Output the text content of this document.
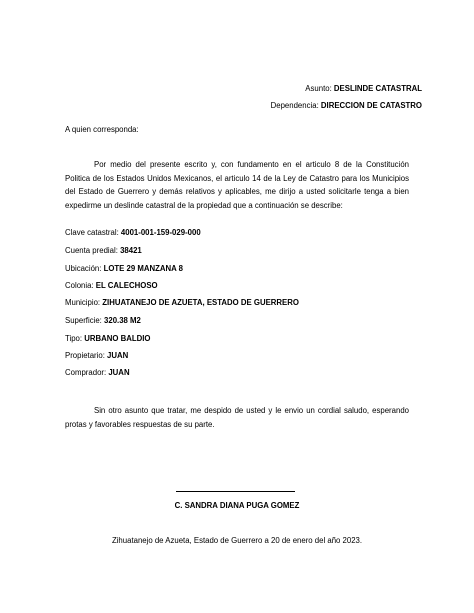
Asunto: DESLINDE CATASTRAL
Dependencia: DIRECCION DE CATASTRO
A quien corresponda:
Por medio del presente escrito y, con fundamento en el articulo 8 de la Constitución Politica de los Estados Unidos Mexicanos, el articulo 14 de la Ley de Catastro para los Municipios del Estado de Guerrero y demás relativos y aplicables, me dirijo a usted solicitarle tenga a bien expedirme un deslinde catastral de la propiedad que a continuación se describe:
Clave catastral: 4001-001-159-029-000
Cuenta predial: 38421
Ubicación: LOTE 29 MANZANA 8
Colonia: EL CALECHOSO
Municipio: ZIHUATANEJO DE AZUETA, ESTADO DE GUERRERO
Superficie: 320.38 M2
Tipo: URBANO BALDIO
Propietario: JUAN
Comprador: JUAN
Sin otro asunto que tratar, me despido de usted y le envio un cordial saludo, esperando protas y favorables respuestas de su parte.
C. SANDRA DIANA PUGA GOMEZ
Zihuatanejo de Azueta, Estado de Guerrero a 20 de enero del año 2023.
